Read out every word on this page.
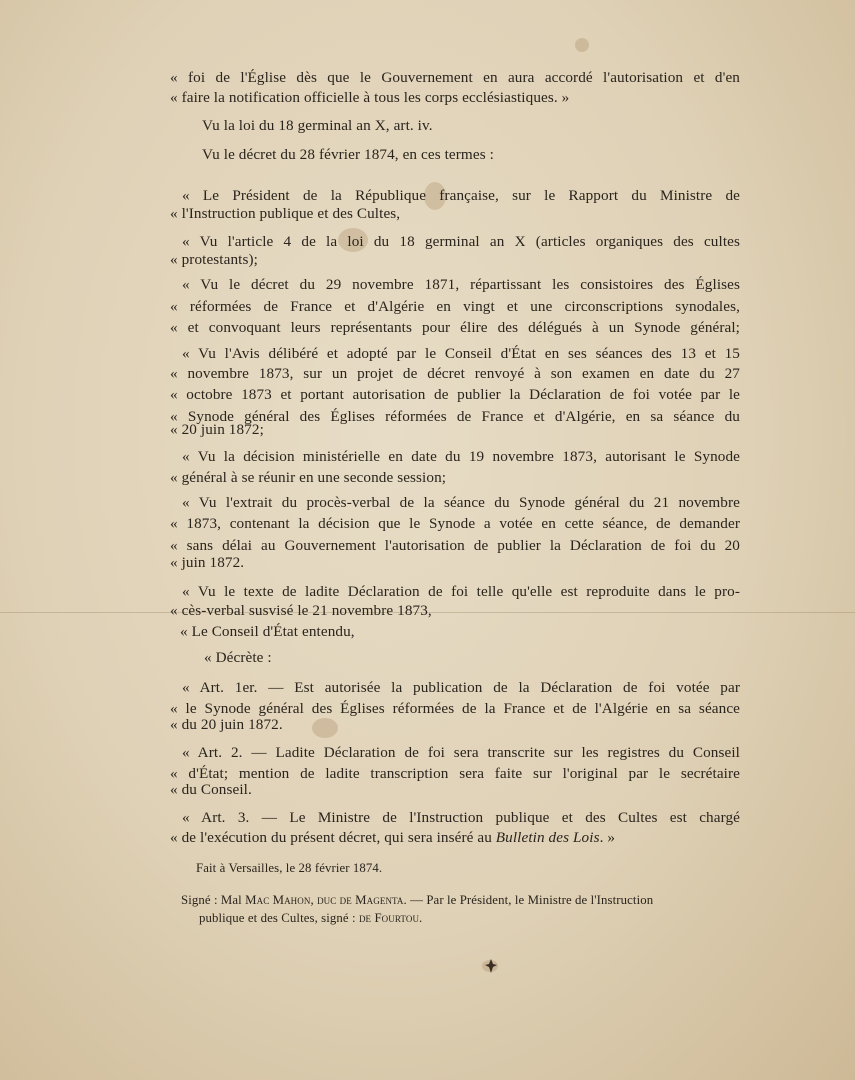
« foi de l'Église dès que le Gouvernement en aura accordé l'autorisation et d'en
« faire la notification officielle à tous les corps ecclésiastiques. »
Vu la loi du 18 germinal an X, art. iv.
Vu le décret du 28 février 1874, en ces termes :
« Le Président de la République française, sur le Rapport du Ministre de
« l'Instruction publique et des Cultes,
« Vu l'article 4 de la loi du 18 germinal an X (articles organiques des cultes
« protestants);
« Vu le décret du 29 novembre 1871, répartissant les consistoires des Églises
« réformées de France et d'Algérie en vingt et une circonscriptions synodales,
« et convoquant leurs représentants pour élire des délégués à un Synode général;
« Vu l'Avis délibéré et adopté par le Conseil d'État en ses séances des 13 et 15
« novembre 1873, sur un projet de décret renvoyé à son examen en date du 27
« octobre 1873 et portant autorisation de publier la Déclaration de foi votée par le
« Synode général des Églises réformées de France et d'Algérie, en sa séance du
« 20 juin 1872;
« Vu la décision ministérielle en date du 19 novembre 1873, autorisant le Synode
« général à se réunir en une seconde session;
« Vu l'extrait du procès-verbal de la séance du Synode général du 21 novembre
« 1873, contenant la décision que le Synode a votée en cette séance, de demander
« sans délai au Gouvernement l'autorisation de publier la Déclaration de foi du 20
« juin 1872.
« Vu le texte de ladite Déclaration de foi telle qu'elle est reproduite dans le pro-
« cès-verbal susvisé le 21 novembre 1873,
« Le Conseil d'État entendu,
« Décrète :
« Art. 1er. — Est autorisée la publication de la Déclaration de foi votée par
« le Synode général des Églises réformées de la France et de l'Algérie en sa séance
« du 20 juin 1872.
« Art. 2. — Ladite Déclaration de foi sera transcrite sur les registres du Conseil
« d'État; mention de ladite transcription sera faite sur l'original par le secrétaire
« du Conseil.
« Art. 3. — Le Ministre de l'Instruction publique et des Cultes est chargé
« de l'exécution du présent décret, qui sera inséré au Bulletin des Lois. »
Fait à Versailles, le 28 février 1874.
Signé : Mal Mac Mahon, duc de Magenta. — Par le Président, le Ministre de l'Instruction
publique et des Cultes, signé : de Fourtou.
